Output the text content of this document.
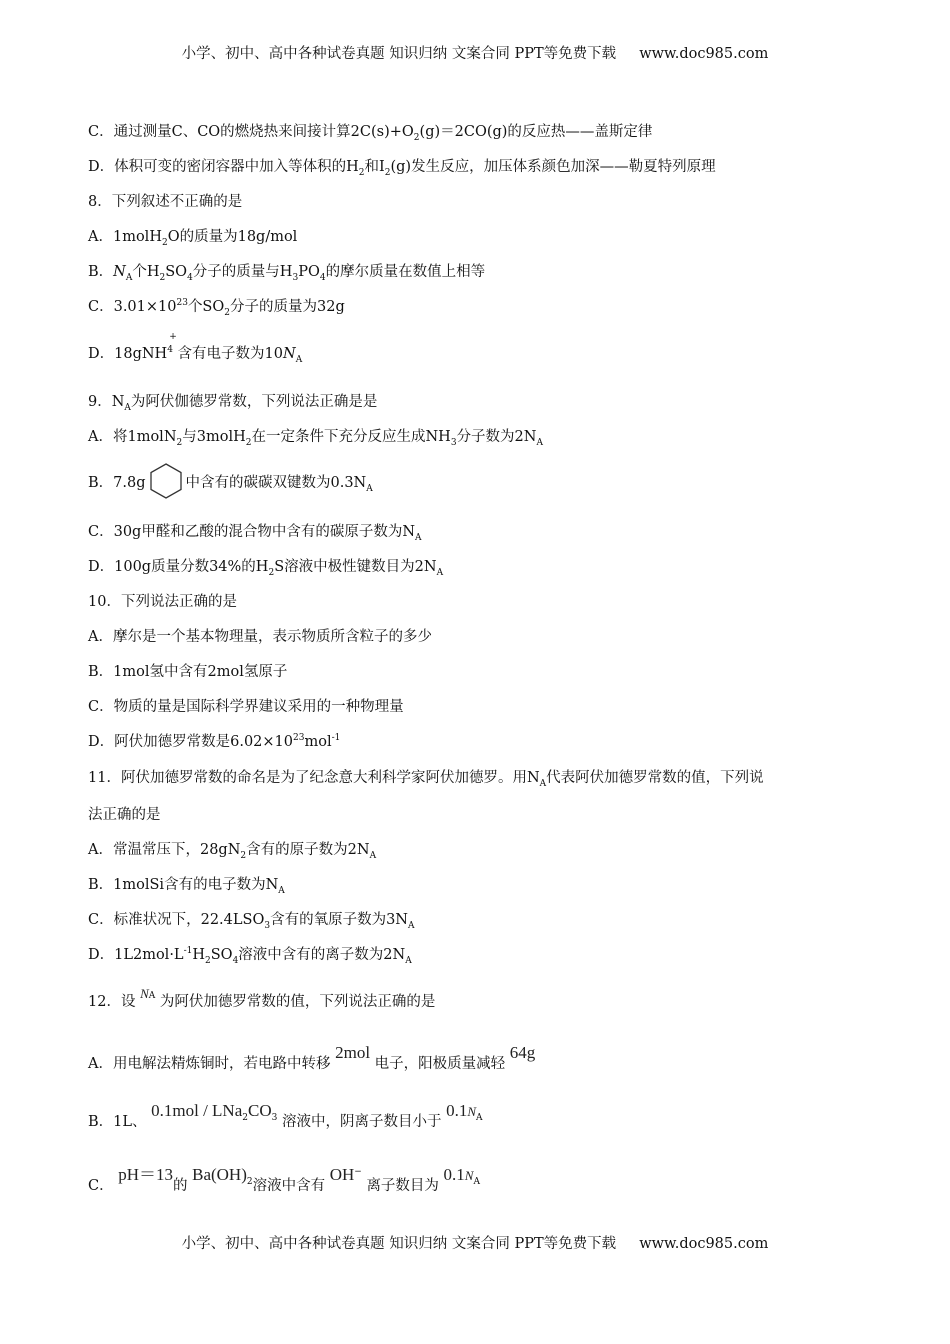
小学、初中、高中各种试卷真题 知识归纳 文案合同 PPT等免费下载 www.doc985.com
C．通过测量C、CO的燃烧热来间接计算$2C(s)+O_2(g)=2CO(g)$的反应热——盖斯定律
D．体积可变的密闭容器中加入等体积的$H_2$和$I_2(g)$发生反应，加压体系颜色加深——勒夏特列原理
8．下列叙述不正确的是
A．1molH$_2$O的质量为18g/mol
B．$N_A$个$H_2SO_4$分子的质量与$H_3PO_4$的摩尔质量在数值上相等
C．$3.01\times 10^{23}$个$SO_2$分子的质量为32g
D．18gNH
+
$^4$ 含有电子数为$10N_A$
9．$N_A$为阿伏伽德罗常数，下列说法正确是是
A．将1molN$_2$与3molH$_2$在一定条件下充分反应生成$NH_3$分子数为$2N_A$
B．7.8g	中含有的碳碳双键数为$0.3N_A$
C．30g甲醛和乙酸的混合物中含有的碳原子数为$N_A$
D．100g质量分数34%的$H_2S$溶液中极性键数目为$2N_A$
10．下列说法正确的是
A．摩尔是一个基本物理量，表示物质所含粒子的多少
B．1mol氢中含有2mol氢原子
C．物质的量是国际科学界建议采用的一种物理量
D．阿伏加德罗常数是$6.02\times 10^{23}mol^{-1}$
11．阿伏加德罗常数的命名是为了纪念意大利科学家阿伏加德罗。用$N_A$代表阿伏加德罗常数的值，下列说
法正确的是
A．常温常压下，$28gN_2$含有的原子数为$2N_A$
B．1molSi含有的电子数为$N_A$
C．标准状况下，$22.4LSO_3$含有的氧原子数为$3N_A$
D．$1L2mol\cdot L^{-1}H_2SO_4$溶液中含有的离子数为$2N_A$
12．设 $N^A$ 为阿伏加德罗常数的值，下列说法正确的是
A．用电解法精炼铜时，若电路中转移 2mol 电子，阳极质量减轻 64g
B．1L、 $0.1mol / LNa^2CO^3$ 溶液中，阴离子数目小于 $0.1N^A$
C． pH＝13的 Ba(OH)$^2$溶液中含有 OH− 离子数目为 $0.1N^A$
小学、初中、高中各种试卷真题 知识归纳 文案合同 PPT等免费下载 www.doc985.com
